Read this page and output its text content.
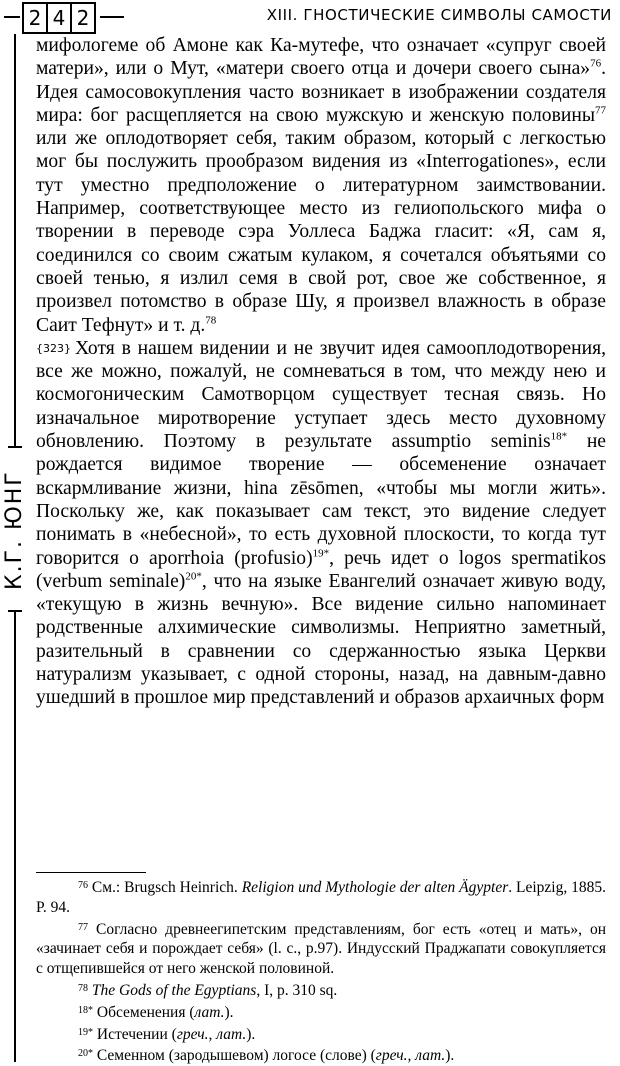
2 4 2	XIII. ГНОСТИЧЕСКИЕ СИМВОЛЫ САМОСТИ
К.Г. ЮНГ

мифологеме об Амоне как Ка-мутефе, что означает «супруг своей матери», или о Мут, «матери своего отца и дочери своего сына»$^{76}$. Идея самосовокупления часто возникает в изображении создателя мира: бог расщепляется на свою мужскую и женскую половины$^{77}$ или же оплодотворяет себя, таким образом, который с легкостью мог бы послужить прообразом видения из «Interrogationes», если тут уместно предположение о литературном заимствовании. Например, соответствующее место из гелиопольского мифа о творении в переводе сэра Уоллеса Баджа гласит: «Я, сам я, соединился со своим сжатым кулаком, я сочетался объятьями со своей тенью, я излил семя в свой рот, свое же собственное, я произвел потомство в образе Шу, я произвел влажность в образе Саит Тефнут» и т. д.$^{78}$

{323} Хотя в нашем видении и не звучит идея самооплодотворения, все же можно, пожалуй, не сомневаться в том, что между нею и космогоническим Самотворцом существует тесная связь. Но изначальное миротворение уступает здесь место духовному обновлению. Поэтому в результате assumptio seminis$^{18*}$ не рождается видимое творение — обсеменение означает вскармливание жизни, hina zēsōmen, «чтобы мы могли жить». Поскольку же, как показывает сам текст, это видение следует понимать в «небесной», то есть духовной плоскости, то когда тут говорится о aporrhoia (profusio)$^{19*}$, речь идет о logos spermatikos (verbum seminale)$^{20*}$, что на языке Евангелий означает живую воду, «текущую в жизнь вечную». Все видение сильно напоминает родственные алхимические символизмы. Неприятно заметный, разительный в сравнении со сдержанностью языка Церкви натурализм указывает, с одной стороны, назад, на давным-давно ушедший в прошлое мир представлений и образов архаичных форм

$^{76}$ См.: Brugsch Heinrich. Religion und Mythologie der alten Ägypter. Leipzig, 1885. P. 94.

$^{77}$ Согласно древнеегипетским представлениям, бог есть «отец и мать», он «зачинает себя и порождает себя» (l. c., p.97). Индусский Праджапати совокупляется с отщепившейся от него женской половиной.

$^{78}$ The Gods of the Egyptians, I, p. 310 sq.

$^{18*}$ Обсеменения (лат.).

$^{19*}$ Истечении (греч., лат.).

$^{20*}$ Семенном (зародышевом) логосе (слове) (греч., лат.).
